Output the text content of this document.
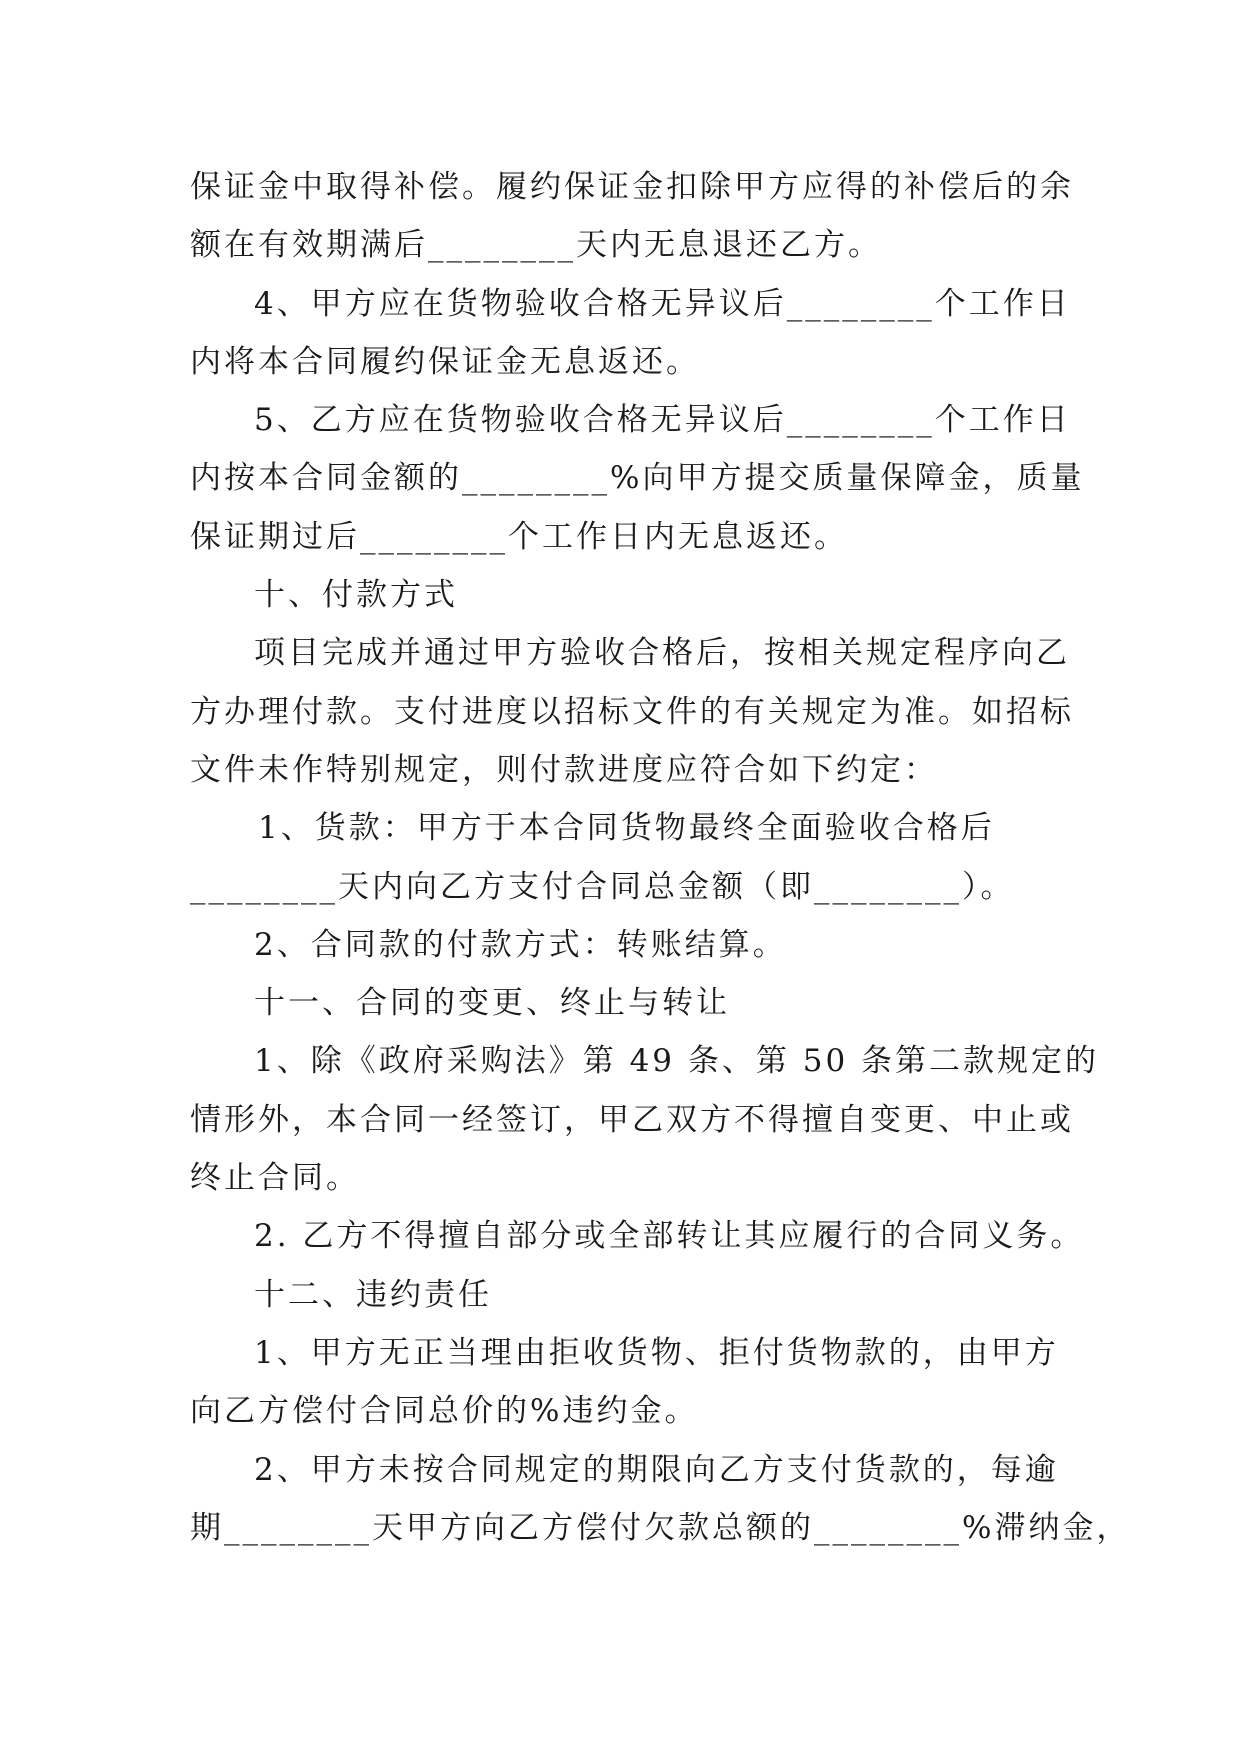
保证金中取得补偿。履约保证金扣除甲方应得的补偿后的余

额在有效期满后________天内无息退还乙方。

4、甲方应在货物验收合格无异议后________个工作日

内将本合同履约保证金无息返还。

5、乙方应在货物验收合格无异议后________个工作日

内按本合同金额的________%向甲方提交质量保障金，质量

保证期过后________个工作日内无息返还。

十、付款方式

项目完成并通过甲方验收合格后，按相关规定程序向乙

方办理付款。支付进度以招标文件的有关规定为准。如招标

文件未作特别规定，则付款进度应符合如下约定：

1、货款：甲方于本合同货物最终全面验收合格后

________天内向乙方支付合同总金额（即________）。

2、合同款的付款方式：转账结算。

十一、合同的变更、终止与转让

1、除《政府采购法》第 49 条、第 50 条第二款规定的

情形外，本合同一经签订，甲乙双方不得擅自变更、中止或

终止合同。

2. 乙方不得擅自部分或全部转让其应履行的合同义务。

十二、违约责任

1、甲方无正当理由拒收货物、拒付货物款的，由甲方

向乙方偿付合同总价的%违约金。

2、甲方未按合同规定的期限向乙方支付货款的，每逾

期________天甲方向乙方偿付欠款总额的________%滞纳金，
